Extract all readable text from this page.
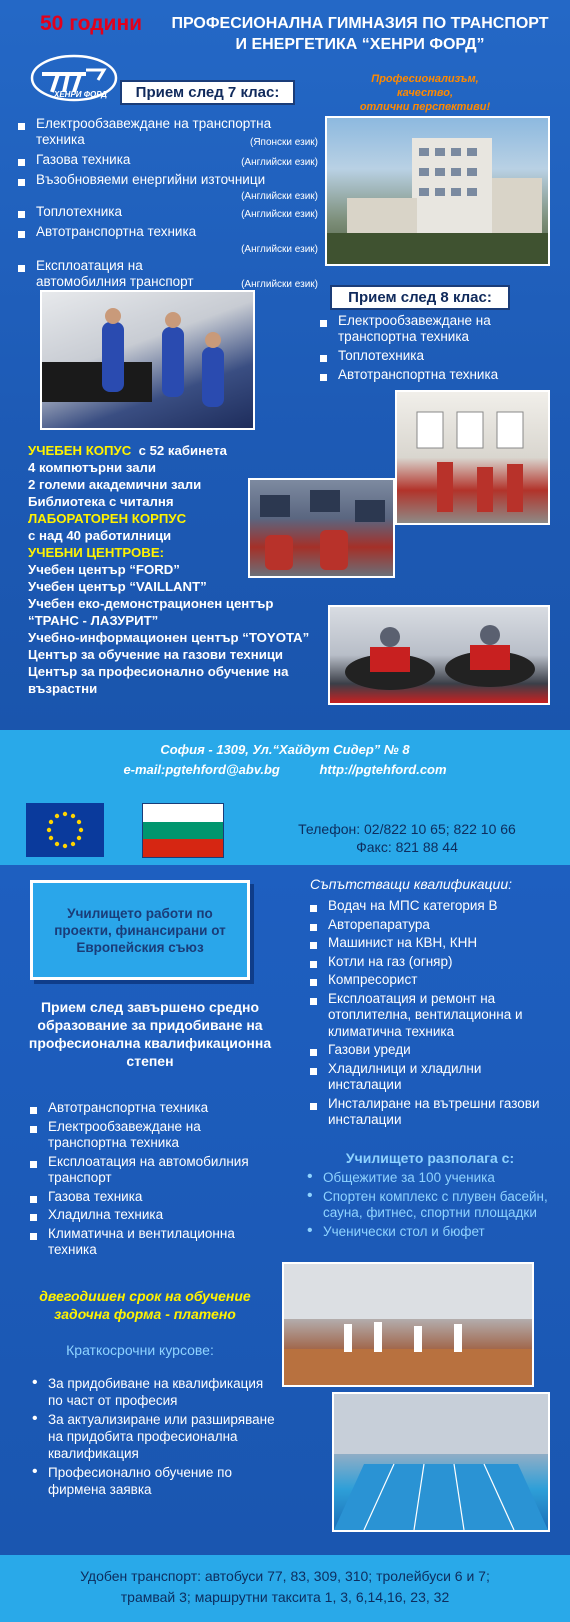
50 години	ПРОФЕСИОНАЛНА ГИМНАЗИЯ ПО ТРАНСПОРТ
И ЕНЕРГЕТИКА “ХЕНРИ ФОРД”
ХЕНРИ ФОРД	Прием след 7 клас:
Професионализъм,
качество,
отлични перспективи!
Електрообзавеждане на транспортна техника	(Японски език)
Газова техника	(Английски език)
Възобновяеми енергийни източници
(Английски език)
Топлотехника	(Английски език)
Автотранспортна техника
(Английски език)
Експлоатация на автомобилния транспорт	(Английски език)
Прием след 8 клас:
Електрообзавеждане на транспортна техника
Топлотехника
Автотранспортна техника
УЧЕБЕН КОПУС с 52 кабинета
4 компютърни зали
2 големи академични зали
Библиотека с читалня
ЛАБОРАТОРЕН КОРПУС
с над 40 работилници
УЧЕБНИ ЦЕНТРОВЕ:
Учебен център “FORD”
Учебен център “VAILLANT”
Учебен еко-демонстрационен център “ТРАНС - ЛАЗУРИТ”
Учебно-информационен център “TOYOTA”
Център за обучение на газови техници
Център за професионално обучение на възрастни
София - 1309, Ул.“Хайдут Сидер” № 8
e-mail:pgtehford@abv.bg	http://pgtehford.com
Телефон: 02/822 10 65; 822 10 66
Факс: 821 88 44
Училището работи по проекти, финансирани от Европейския съюз
Съпътстващи квалификации:
Водач на МПС категория В
Авторепаратура
Машинист на КВН, КНН
Котли на газ (огняр)
Компресорист
Експлоатация и ремонт на отоплителна, вентилационна и климатична техника
Газови уреди
Хладилници и хладилни инсталации
Инсталиране на вътрешни газови инсталации
Прием след завършено средно образование за придобиване на професионална квалификационна степен
Автотранспортна техника
Електрообзавеждане на транспортна техника
Експлоатация на автомобилния транспорт
Газова техника
Хладилна техника
Климатична и вентилационна техника
Училището разполага с:
• Общежитие за 100 ученика
• Спортен комплекс с плувен басейн, сауна, фитнес, спортни площадки
• Ученически стол и бюфет
двегодишен срок на обучение
задочна форма - платено
Краткосрочни курсове:
• За придобиване на квалификация по част от професия
• За актуализиране или разширяване на придобита професионална квалификация
• Професионално обучение по фирмена заявка
Удобен транспорт: автобуси 77, 83, 309, 310; тролейбуси 6 и 7;
трамвай 3; маршрутни таксита 1, 3, 6,14,16, 23, 32
